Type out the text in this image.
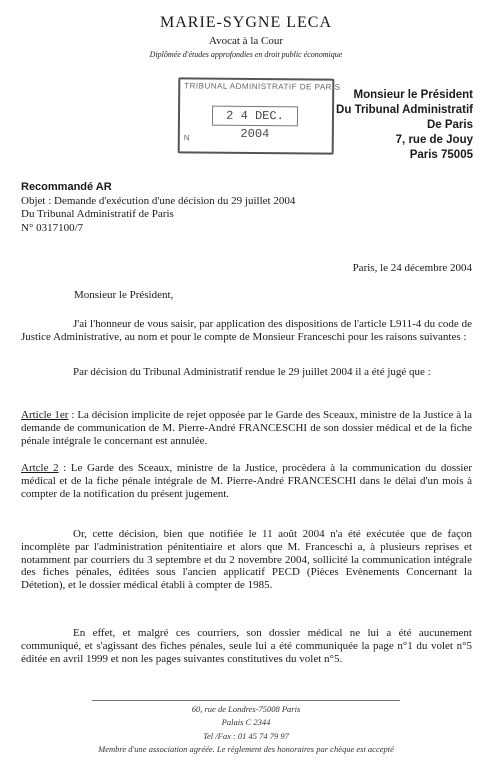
MARIE-SYGNE LECA
Avocat à la Cour
Diplômée d'études approfondies en droit public économique
TRIBUNAL ADMINISTRATIF DE PARIS
2 4 DEC. 2004
N
Monsieur le Président
Du Tribunal Administratif
De Paris
7, rue de Jouy
Paris 75005
Recommandé AR
Objet : Demande d'exécution d'une décision du 29 juillet 2004
Du Tribunal Administratif de Paris
N° 0317100/7
Paris, le 24 décembre 2004
Monsieur le Président,
J'ai l'honneur de vous saisir, par application des dispositions de l'article L911-4 du code de Justice Administrative, au nom et pour le compte de Monsieur Franceschi pour les raisons suivantes :
Par décision du Tribunal Administratif rendue le 29 juillet 2004 il a été jugé que :
Article 1er : La décision implicite de rejet opposée par le Garde des Sceaux, ministre de la Justice à la demande de communication de M. Pierre-André FRANCESCHI de son dossier médical et de la fiche pénale intégrale le concernant est annulée.
Artcle 2 : Le Garde des Sceaux, ministre de la Justice, procèdera à la communication du dossier médical et de la fiche pénale intégrale de M. Pierre-André FRANCESCHI dans le délai d'un mois à compter de la notification du présent jugement.
Or, cette décision, bien que notifiée le 11 août 2004 n'a été exécutée que de façon incomplète par l'administration pénitentiaire et alors que M. Franceschi a, à plusieurs reprises et notamment par courriers du 3 septembre et du 2 novembre 2004, sollicité la communication intégrale des fiches pénales, éditées sous l'ancien applicatif PECD (Pièces Evènements Concernant la Détetion), et le dossier médical établi à compter de 1985.
En effet, et malgré ces courriers, son dossier médical ne lui a été aucunement communiqué, et s'agissant des fiches pénales, seule lui a été communiquée la page n°1 du volet n°5 éditée en avril 1999 et non les pages suivantes constitutives du volet n°5.
60, rue de Londres-75008 Paris
Palais C 2344
Tel /Fax : 01 45 74 79 97
Membre d'une association agréée. Le règlement des honoraires par chèque est accepté
